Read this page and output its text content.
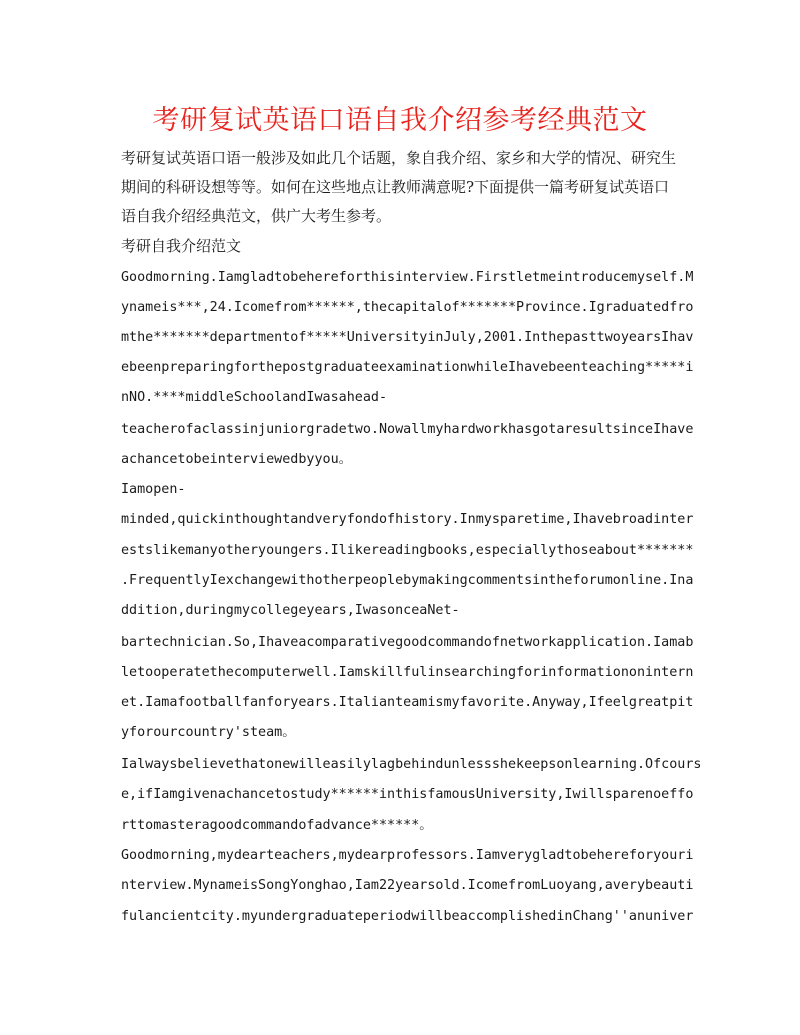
考研复试英语口语自我介绍参考经典范文

考研复试英语口语一般涉及如此几个话题，象自我介绍、家乡和大学的情况、研究生期间的科研设想等等。如何在这些地点让教师满意呢?下面提供一篇考研复试英语口语自我介绍经典范文，供广大考生参考。

考研自我介绍范文

Goodmorning.Iamgladtobehereforthisinterview.Firstletmeintroducemyself.M

ynameis***,24.Icomefrom******,thecapitalof*******Province.Igraduatedfro

mthe*******departmentof*****UniversityinJuly,2001.InthepasttwoyearsIhav

ebeenpreparingforthepostgraduateexaminationwhileIhavebeenteaching*****i

nNO.****middleSchoolandIwasahead-

teacherofaclassinjuniorgradetwo.NowallmyhardworkhasgotaresultsinceIhave

achancetobeinterviewedbyyou。

Iamopen-

minded,quickinthoughtandveryfondofhistory.Inmysparetime,Ihavebroadinter

estslikemanyotheryoungers.Ilikereadingbooks,especiallythoseabout*******

.FrequentlyIexchangewithotherpeoplebymakingcommentsintheforumonline.Ina

ddition,duringmycollegeyears,IwasonceaNet-

bartechnician.So,Ihaveacomparativegoodcommandofnetworkapplication.Iamab

letooperatethecomputerwell.Iamskillfulinsearchingforinformationonintern

et.Iamafootballfanforyears.Italianteamismyfavorite.Anyway,Ifeelgreatpit

yforourcountry'steam。

Ialwaysbelievethatonewilleasilylagbehindunlessshekeepsonlearning.Ofcours

e,ifIamgivenachancetostudy******inthisfamousUniversity,Iwillsparenoeffo

rttomasteragoodcommandofadvance******。

Goodmorning,mydearteachers,mydearprofessors.Iamverygladtobehereforyouri

nterview.MynameisSongYonghao,Iam22yearsold.IcomefromLuoyang,averybeauti

fulancientcity.myundergraduateperiodwillbeaccomplishedinChang''anuniver
